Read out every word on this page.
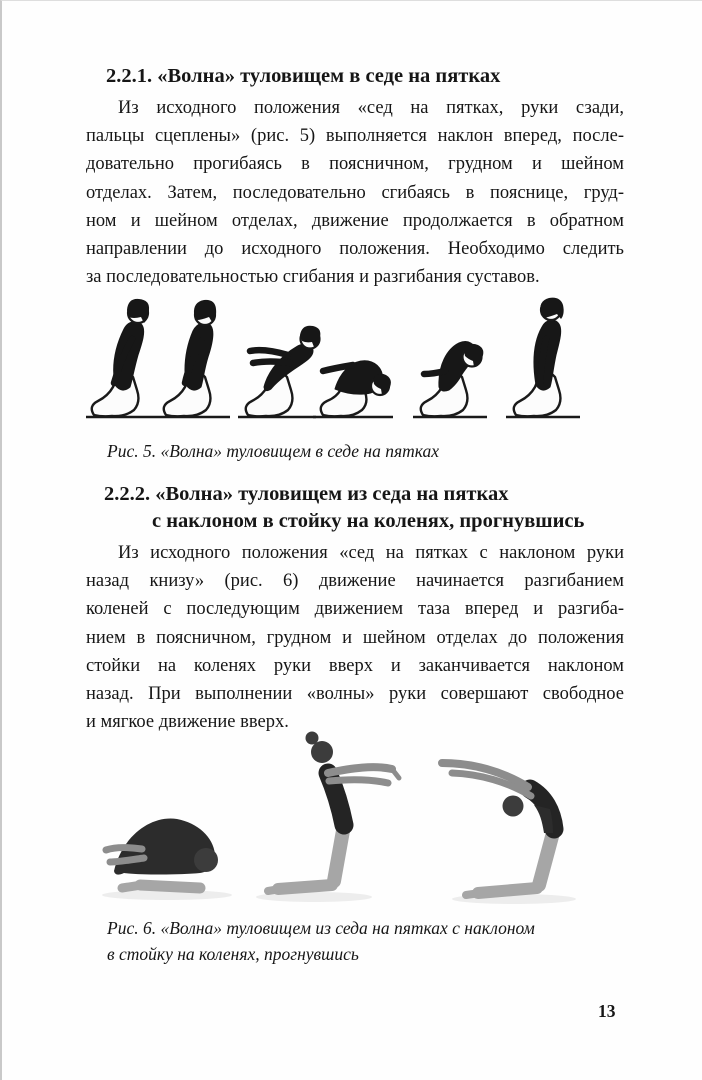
2.2.1. «Волна» туловищем в седе на пятках
Из исходного положения «сед на пятках, руки сзади,
пальцы сцеплены» (рис. 5) выполняется наклон вперед, после-
довательно прогибаясь в поясничном, грудном и шейном
отделах. Затем, последовательно сгибаясь в пояснице, груд-
ном и шейном отделах, движение продолжается в обратном
направлении до исходного положения. Необходимо следить
за последовательностью сгибания и разгибания суставов.
Рис. 5. «Волна» туловищем в седе на пятках
2.2.2. «Волна» туловищем из седа на пятках
с наклоном в стойку на коленях, прогнувшись
Из исходного положения «сед на пятках с наклоном руки
назад книзу» (рис. 6) движение начинается разгибанием
коленей с последующим движением таза вперед и разгиба-
нием в поясничном, грудном и шейном отделах до положения
стойки на коленях руки вверх и заканчивается наклоном
назад. При выполнении «волны» руки совершают свободное
и мягкое движение вверх.
Рис. 6. «Волна» туловищем из седа на пятках с наклоном
в стойку на коленях, прогнувшись
13
